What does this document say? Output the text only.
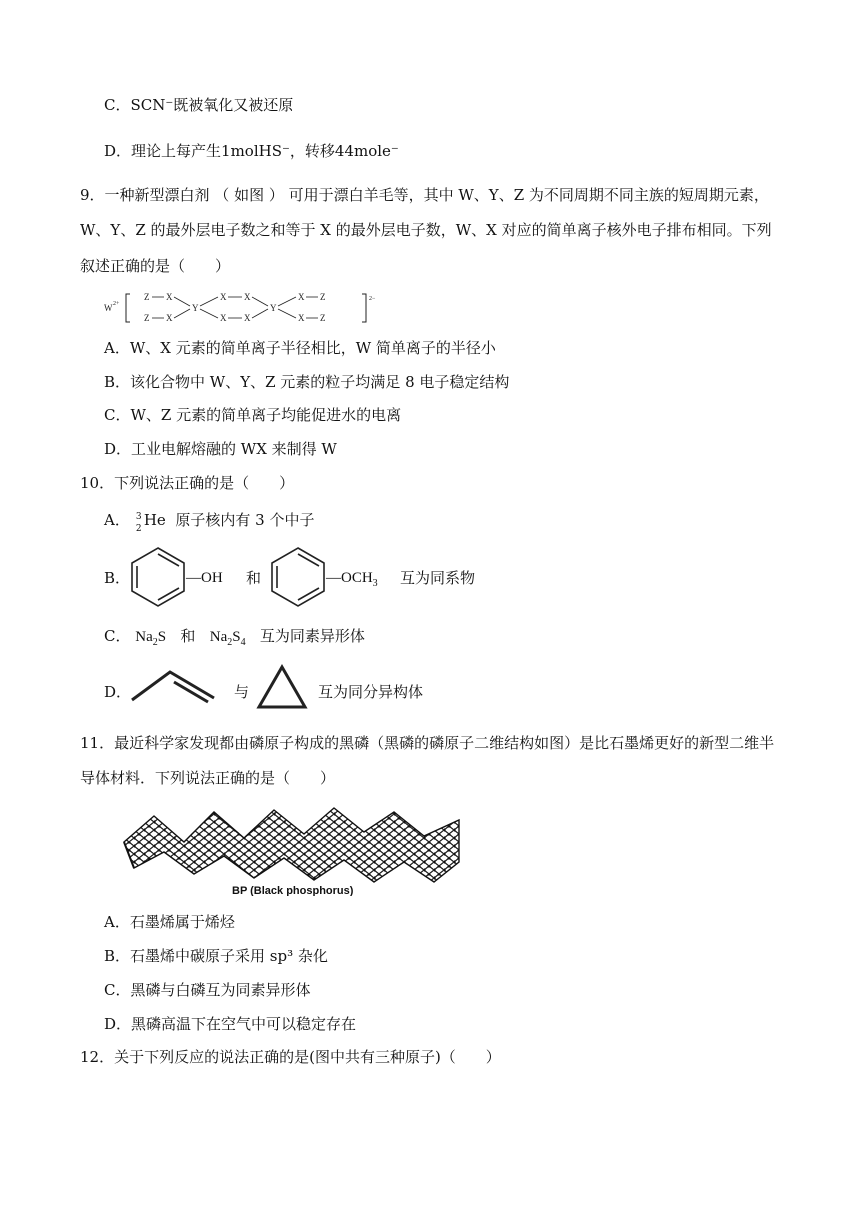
C．SCN⁻既被氧化又被还原
D．理论上每产生1molHS⁻，转移44mole⁻
9．一种新型漂白剂 （ 如图 ） 可用于漂白羊毛等，其中 W、Y、Z 为不同周期不同主族的短周期元素，
W、Y、Z 的最外层电子数之和等于 X 的最外层电子数，W、X 对应的简单离子核外电子排布相同。下列
叙述正确的是（　　）
W 2+
Z
Z
X
X
Y
X
X
X
X
Y
X
X
Z
Z
2−
A．W、X 元素的简单离子半径相比，W 简单离子的半径小
B．该化合物中 W、Y、Z 元素的粒子均满足 8 电子稳定结构
C．W、Z 元素的简单离子均能促进水的电离
D．工业电解熔融的 WX 来制得 W
10．下列说法正确的是（　　）
A． 3
2 He 原子核内有 3 个中子
B．	—OH 和	$—OCH_3$ 互为同系物
C． $Na_2S$ 和 $Na_2S_4$ 互为同素异形体
D．	与	互为同分异构体
11．最近科学家发现都由磷原子构成的黑磷（黑磷的磷原子二维结构如图）是比石墨烯更好的新型二维半
导体材料．下列说法正确的是（　　）
BP (Black phosphorus)
A．石墨烯属于烯烃
B．石墨烯中碳原子采用 sp³ 杂化
C．黑磷与白磷互为同素异形体
D．黑磷高温下在空气中可以稳定存在
12．关于下列反应的说法正确的是(图中共有三种原子)（　　）
